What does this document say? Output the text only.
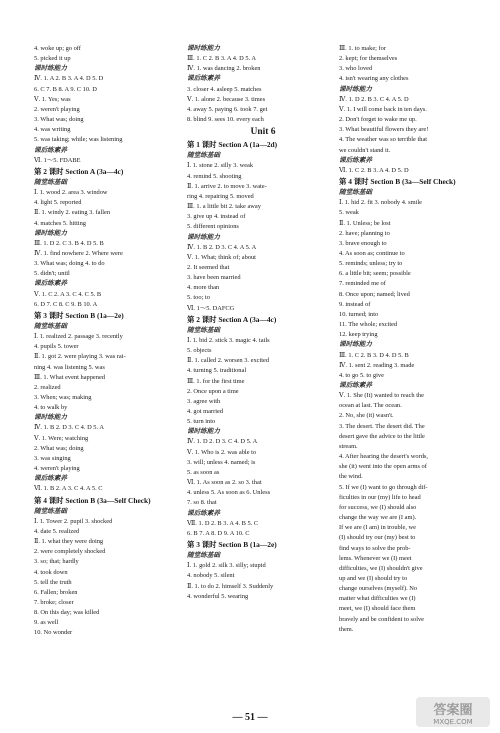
4. woke up; go off
5. picked it up
课时练能力
Ⅳ. 1. A 2. B 3. A 4. D 5. D
6. C 7. B 8. A 9. C 10. D
Ⅴ. 1. Yes; was
2. weren't playing
3. What was; doing
4. was writing
5. was taking; while; was listening
课后练素养
Ⅵ. 1～5. FDABE
第 2 课时 Section A (3a—4c)
随堂练基础
Ⅰ. 1. wood 2. area 3. window
4. light 5. reported
Ⅱ. 1. windy 2. eating 3. fallen
4. matches 5. hitting
课时练能力
Ⅲ. 1. D 2. C 3. B 4. D 5. B
Ⅳ. 1. find nowhere 2. Where were
3. What was; doing 4. to do
5. didn't; until
课后练素养
Ⅴ. 1. C 2. A 3. C 4. C 5. B
6. D 7. C 8. C 9. B 10. A
第 3 课时 Section B (1a—2e)
随堂练基础
Ⅰ. 1. realized 2. passage 3. recently
4. pupils 5. tower
Ⅱ. 1. got 2. were playing 3. was rai-
ning 4. was listening 5. was
Ⅲ. 1. What event happened
2. realized
3. When; was; making
4. to walk by
课时练能力
Ⅳ. 1. B 2. D 3. C 4. D 5. A
Ⅴ. 1. Were; watching
2. What was; doing
3. was singing
4. weren't playing
课后练素养
Ⅵ. 1. B 2. A 3. C 4. A 5. C
第 4 课时 Section B (3a—Self Check)
随堂练基础
Ⅰ. 1. Tower 2. pupil 3. shocked
4. date 5. realized
Ⅱ. 1. what they were doing
2. were completely shocked
3. so; that; hardly
4. took down
5. tell the truth
6. Fallen; broken
7. broke; closer
8. On this day; was killed
9. as well
10. No wonder
课时练能力
Ⅲ. 1. C 2. B 3. A 4. D 5. A
Ⅳ. 1. was dancing 2. broken
课后练素养
3. closer 4. asleep 5. matches
Ⅴ. 1. alone 2. because 3. times
4. away 5. paying 6. took 7. get
8. blind 9. sees 10. every each
Unit 6
第 1 课时 Section A (1a—2d)
随堂练基础
Ⅰ. 1. stone 2. silly 3. weak
4. remind 5. shooting
Ⅱ. 1. arrive 2. to move 3. wate-
ring 4. repairing 5. moved
Ⅲ. 1. a little bit 2. take away
3. give up 4. instead of
5. different opinions
课时练能力
Ⅳ. 1. B 2. D 3. C 4. A 5. A
Ⅴ. 1. What; think of; about
2. It seemed that
3. have been married
4. more than
5. too; to
Ⅵ. 1～5. DAFCG
第 2 课时 Section A (3a—4c)
随堂练基础
Ⅰ. 1. bid 2. stick 3. magic 4. tails
5. objects
Ⅱ. 1. called 2. worsen 3. excited
4. turning 5. traditional
Ⅲ. 1. for the first time
2. Once upon a time
3. agree with
4. got married
5. turn into
课时练能力
Ⅳ. 1. D 2. D 3. C 4. D 5. A
Ⅴ. 1. Who is 2. was able to
3. will; unless 4. named; is
5. as soon as
Ⅵ. 1. As soon as 2. so 3. that
4. unless 5. As soon as 6. Unless
7. so 8. that
课后练素养
Ⅶ. 1. D 2. B 3. A 4. B 5. C
6. B 7. A 8. D 9. A 10. C
第 3 课时 Section B (1a—2e)
随堂练基础
Ⅰ. 1. gold 2. silk 3. silly; stupid
4. nobody 5. silent
Ⅱ. 1. to do 2. himself 3. Suddenly
4. wonderful 5. wearing
Ⅲ. 1. to make; for
2. kept; for themselves
3. who loved
4. isn't wearing any clothes
课时练能力
Ⅳ. 1. D 2. B 3. C 4. A 5. D
Ⅴ. 1. I will come back in ten days.
2. Don't forget to wake me up.
3. What beautiful flowers they are!
4. The weather was so terrible that
we couldn't stand it.
课后练素养
Ⅵ. 1. C 2. B 3. A 4. D 5. D
第 4 课时 Section B (3a—Self Check)
随堂练基础
Ⅰ. 1. hid 2. fit 3. nobody 4. smile
5. weak
Ⅱ. 1. Unless; be lost
2. have; planning to
3. brave enough to
4. As soon as; continue to
5. reminds; unless; try to
6. a little bit; seem; possible
7. reminded me of
8. Once upon; named; lived
9. instead of
10. turned; into
11. The whole; excited
12. keep trying
课时练能力
Ⅲ. 1. C 2. B 3. D 4. D 5. B
Ⅳ. 1. sent 2. reading 3. made
4. to go 5. to give
课后练素养
Ⅴ. 1. She (It) wanted to reach the
ocean at last. The ocean.
2. No, she (it) wasn't.
3. The desert. The desert did. The
desert gave the advice to the little
stream.
4. After hearing the desert's words,
she (it) went into the open arms of
the wind.
5. If we (I) want to go through dif-
ficulties in our (my) life to head
for success, we (I) should also
change the way we are (I am).
If we are (I am) in trouble, we
(I) should try our (my) best to
find ways to solve the prob-
lems. Whenever we (I) meet
difficulties, we (I) shouldn't give
up and we (I) should try to
change ourselves (myself). No
matter what difficulties we (I)
meet, we (I) should face them
bravely and be confident to solve
them.
— 51 —	答案圈
MXQE.COM
